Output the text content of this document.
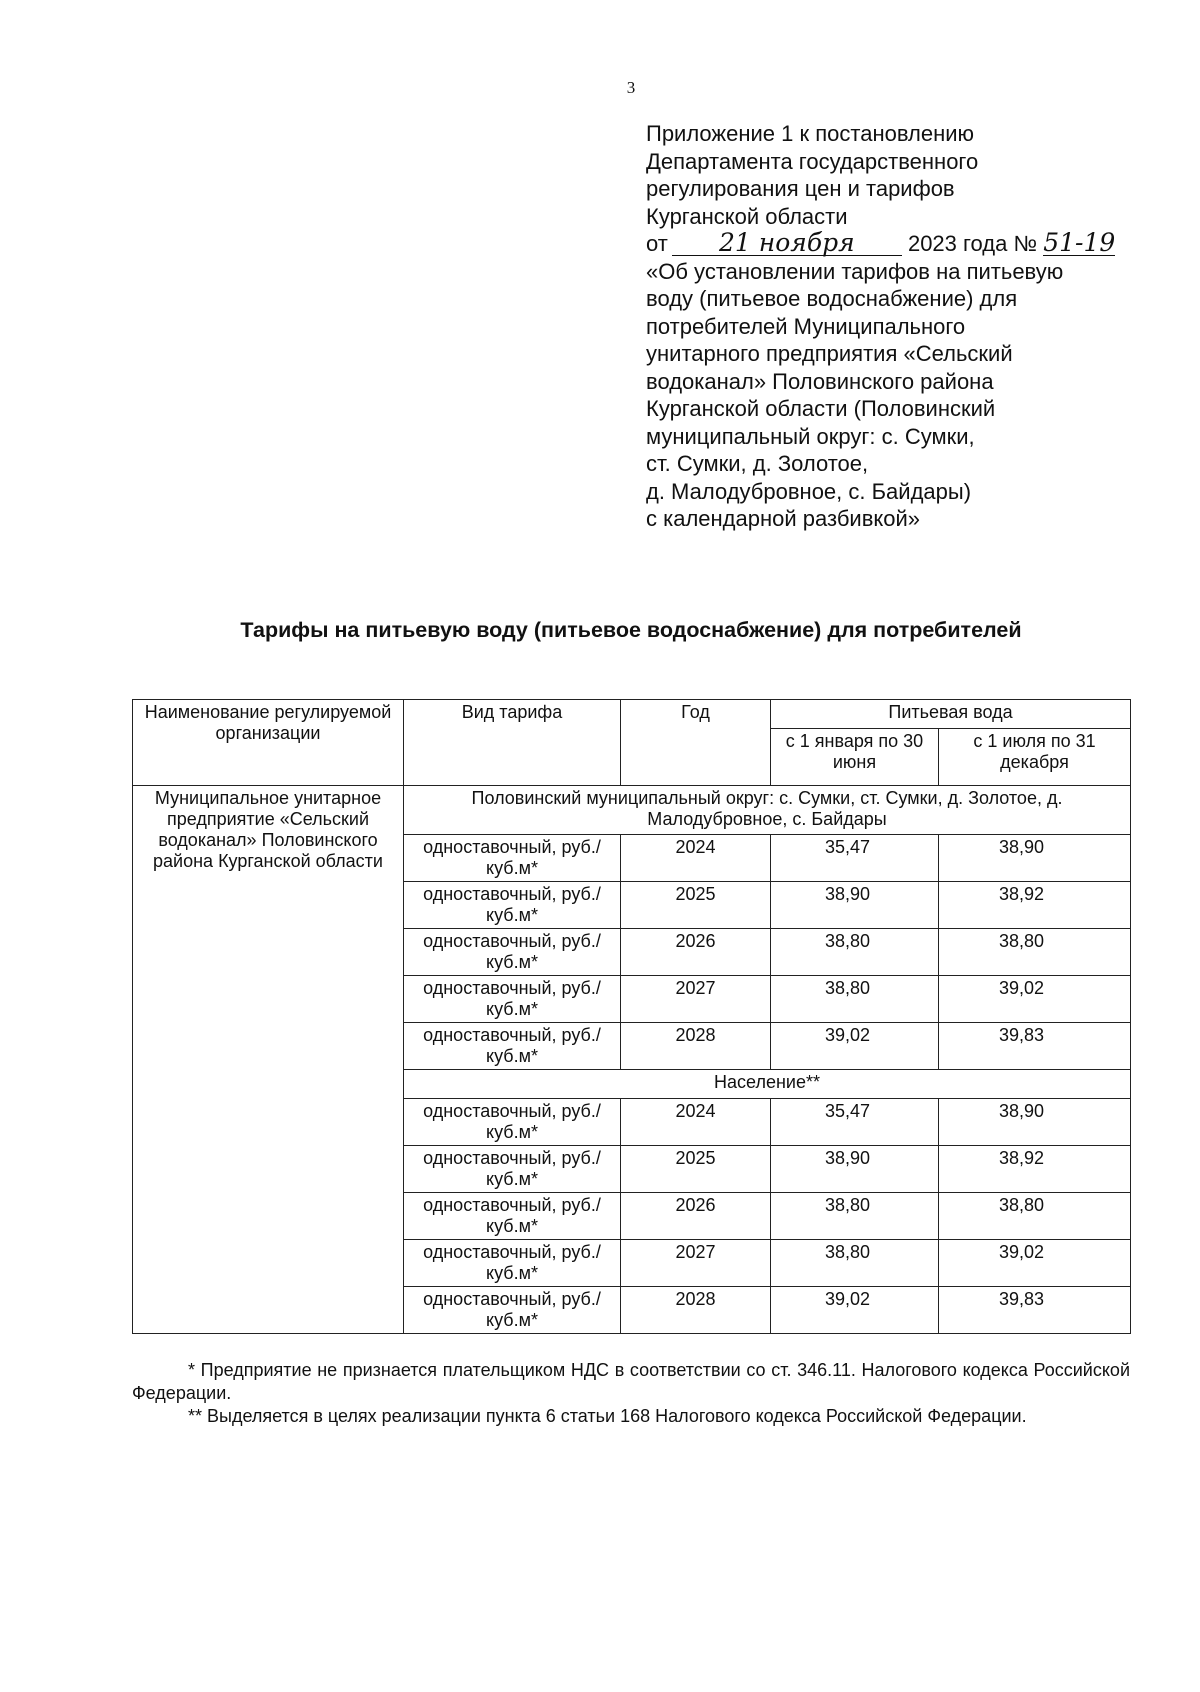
3
Приложение 1 к постановлению
Департамента государственного
регулирования цен и тарифов
Курганской области
от 21 ноября 2023 года № 51-19
«Об установлении тарифов на питьевую
воду (питьевое водоснабжение) для
потребителей Муниципального
унитарного предприятия «Сельский
водоканал» Половинского района
Курганской области (Половинский
муниципальный округ: с. Сумки,
ст. Сумки, д. Золотое,
д. Малодубровное, с. Байдары)
с календарной разбивкой»
Тарифы на питьевую воду (питьевое водоснабжение) для потребителей
Наименование регулируемой организации	Вид тарифа	Год	Питьевая вода	
			с 1 января по 30 июня	с 1 июля по 31 декабря
Муниципальное унитарное предприятие «Сельский водоканал» Половинского района Курганской области	Половинский муниципальный округ: с. Сумки, ст. Сумки, д. Золотое, д. Малодубровное, с. Байдары			
	одноставочный, руб./куб.м*	2024	35,47	38,90
	одноставочный, руб./куб.м*	2025	38,90	38,92
	одноставочный, руб./куб.м*	2026	38,80	38,80
	одноставочный, руб./куб.м*	2027	38,80	39,02
	одноставочный, руб./куб.м*	2028	39,02	39,83
	Население**			
	одноставочный, руб./куб.м*	2024	35,47	38,90
	одноставочный, руб./куб.м*	2025	38,90	38,92
	одноставочный, руб./куб.м*	2026	38,80	38,80
	одноставочный, руб./куб.м*	2027	38,80	39,02
	одноставочный, руб./куб.м*	2028	39,02	39,83

* Предприятие не признается плательщиком НДС в соответствии со ст. 346.11. Налогового кодекса Российской Федерации.

** Выделяется в целях реализации пункта 6 статьи 168 Налогового кодекса Российской Федерации.
